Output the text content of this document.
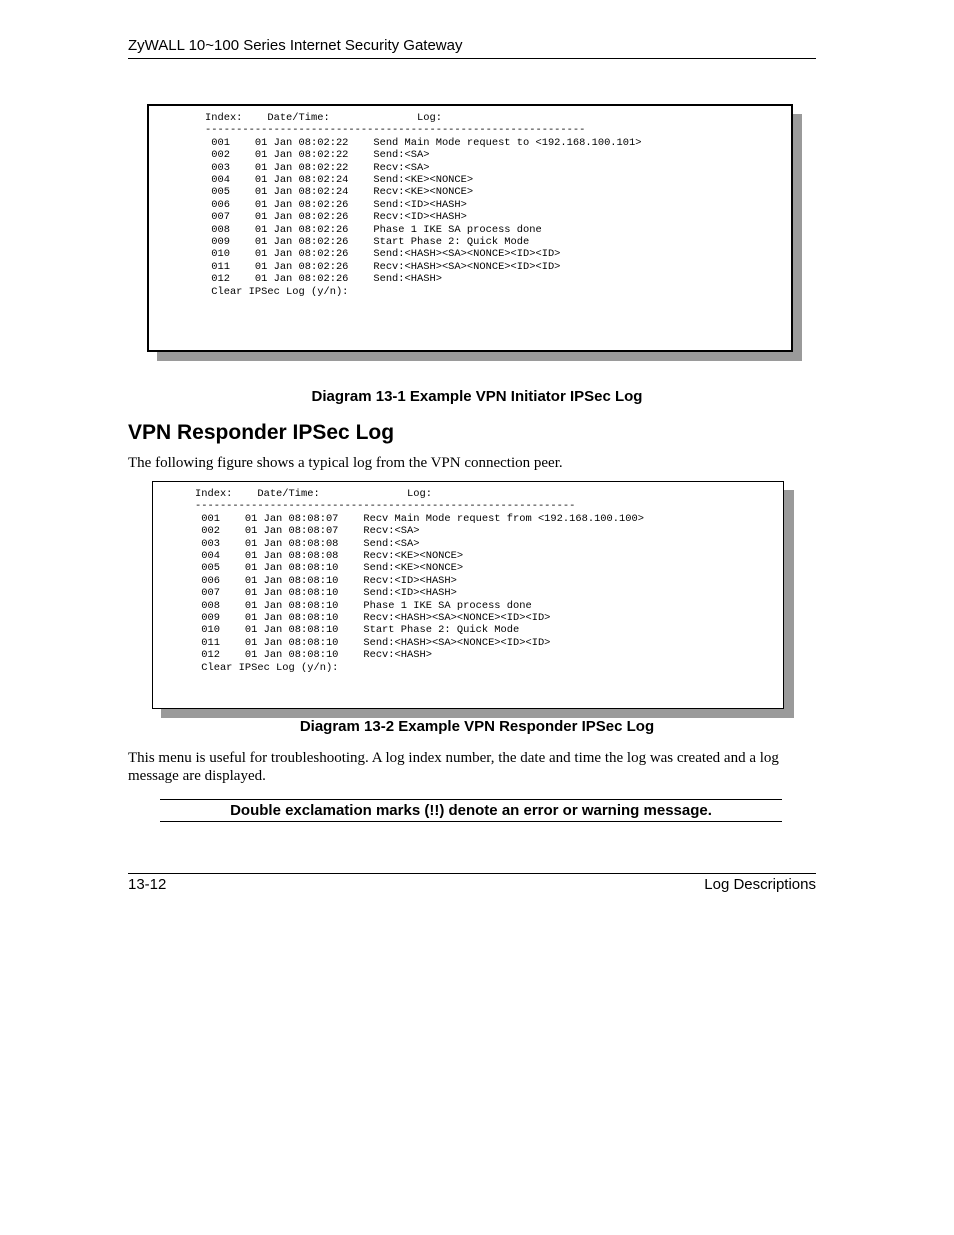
ZyWALL 10~100 Series Internet Security Gateway
Index:    Date/Time:              Log:
-------------------------------------------------------------
001    01 Jan 08:02:22    Send Main Mode request to <192.168.100.101>
002    01 Jan 08:02:22    Send:<SA>
003    01 Jan 08:02:22    Recv:<SA>
004    01 Jan 08:02:24    Send:<KE><NONCE>
005    01 Jan 08:02:24    Recv:<KE><NONCE>
006    01 Jan 08:02:26    Send:<ID><HASH>
007    01 Jan 08:02:26    Recv:<ID><HASH>
008    01 Jan 08:02:26    Phase 1 IKE SA process done
009    01 Jan 08:02:26    Start Phase 2: Quick Mode
010    01 Jan 08:02:26    Send:<HASH><SA><NONCE><ID><ID>
011    01 Jan 08:02:26    Recv:<HASH><SA><NONCE><ID><ID>
012    01 Jan 08:02:26    Send:<HASH>
Clear IPSec Log (y/n):
Diagram 13-1 Example VPN Initiator IPSec Log
VPN Responder IPSec Log
The following figure shows a typical log from the VPN connection peer.
Index:    Date/Time:              Log:
-------------------------------------------------------------
001    01 Jan 08:08:07    Recv Main Mode request from <192.168.100.100>
002    01 Jan 08:08:07    Recv:<SA>
003    01 Jan 08:08:08    Send:<SA>
004    01 Jan 08:08:08    Recv:<KE><NONCE>
005    01 Jan 08:08:10    Send:<KE><NONCE>
006    01 Jan 08:08:10    Recv:<ID><HASH>
007    01 Jan 08:08:10    Send:<ID><HASH>
008    01 Jan 08:08:10    Phase 1 IKE SA process done
009    01 Jan 08:08:10    Recv:<HASH><SA><NONCE><ID><ID>
010    01 Jan 08:08:10    Start Phase 2: Quick Mode
011    01 Jan 08:08:10    Send:<HASH><SA><NONCE><ID><ID>
012    01 Jan 08:08:10    Recv:<HASH>
Clear IPSec Log (y/n):
Diagram 13-2 Example VPN Responder IPSec Log
This menu is useful for troubleshooting. A log index number, the date and time the log was created and a log message are displayed.
Double exclamation marks (!!) denote an error or warning message.
13-12	Log Descriptions
